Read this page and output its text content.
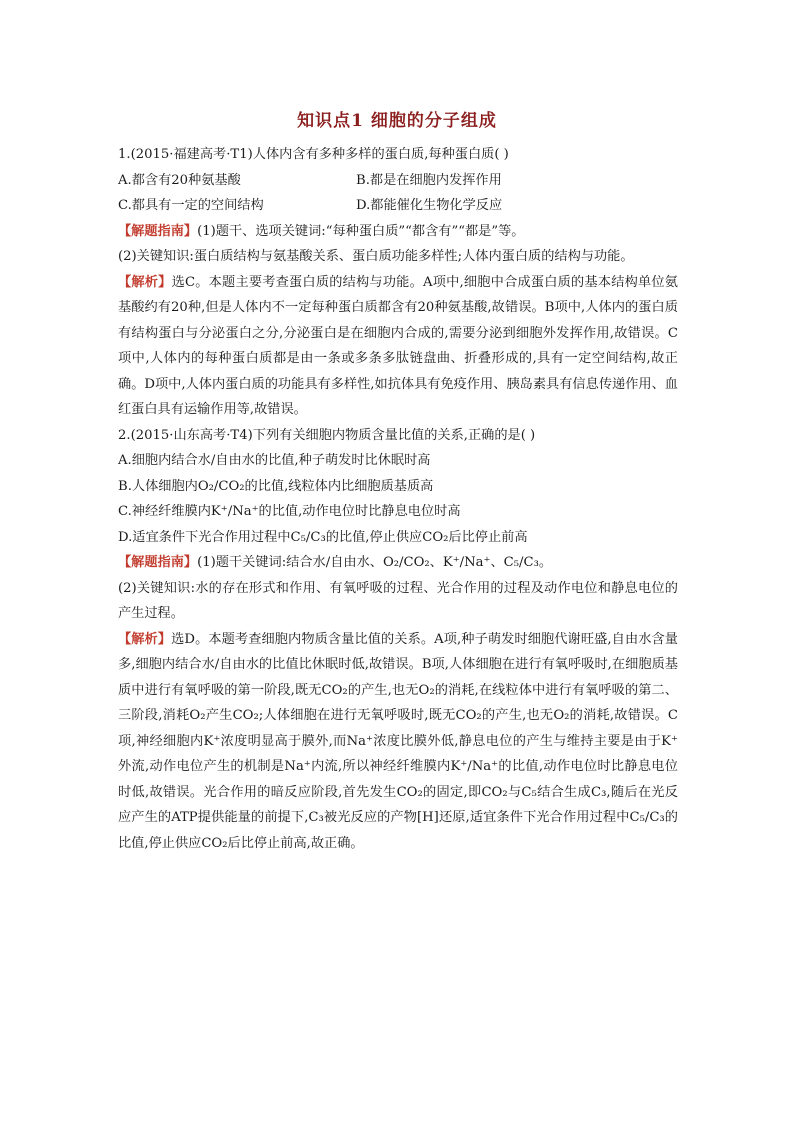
知识点1 细胞的分子组成
1.(2015·福建高考·T1)人体内含有多种多样的蛋白质,每种蛋白质( )
A.都含有20种氨基酸	B.都是在细胞内发挥作用
C.都具有一定的空间结构	D.都能催化生物化学反应
【解题指南】(1)题干、选项关键词:“每种蛋白质”“都含有”“都是”等。
(2)关键知识:蛋白质结构与氨基酸关系、蛋白质功能多样性;人体内蛋白质的结构与功能。

【解析】选C。本题主要考查蛋白质的结构与功能。A项中,细胞中合成蛋白质的基本结构单位氨基酸约有20种,但是人体内不一定每种蛋白质都含有20种氨基酸,故错误。B项中,人体内的蛋白质有结构蛋白与分泌蛋白之分,分泌蛋白是在细胞内合成的,需要分泌到细胞外发挥作用,故错误。C项中,人体内的每种蛋白质都是由一条或多条多肽链盘曲、折叠形成的,具有一定空间结构,故正确。D项中,人体内蛋白质的功能具有多样性,如抗体具有免疫作用、胰岛素具有信息传递作用、血红蛋白具有运输作用等,故错误。

2.(2015·山东高考·T4)下列有关细胞内物质含量比值的关系,正确的是( )
A.细胞内结合水/自由水的比值,种子萌发时比休眠时高
B.人体细胞内O₂/CO₂的比值,线粒体内比细胞质基质高
C.神经纤维膜内K⁺/Na⁺的比值,动作电位时比静息电位时高
D.适宜条件下光合作用过程中C₅/C₃的比值,停止供应CO₂后比停止前高
【解题指南】(1)题干关键词:结合水/自由水、O₂/CO₂、K⁺/Na⁺、C₅/C₃。

(2)关键知识:水的存在形式和作用、有氧呼吸的过程、光合作用的过程及动作电位和静息电位的产生过程。

【解析】选D。本题考查细胞内物质含量比值的关系。A项,种子萌发时细胞代谢旺盛,自由水含量多,细胞内结合水/自由水的比值比休眠时低,故错误。B项,人体细胞在进行有氧呼吸时,在细胞质基质中进行有氧呼吸的第一阶段,既无CO₂的产生,也无O₂的消耗,在线粒体中进行有氧呼吸的第二、三阶段,消耗O₂产生CO₂;人体细胞在进行无氧呼吸时,既无CO₂的产生,也无O₂的消耗,故错误。C项,神经细胞内K⁺浓度明显高于膜外,而Na⁺浓度比膜外低,静息电位的产生与维持主要是由于K⁺外流,动作电位产生的机制是Na⁺内流,所以神经纤维膜内K⁺/Na⁺的比值,动作电位时比静息电位时低,故错误。光合作用的暗反应阶段,首先发生CO₂的固定,即CO₂与C₅结合生成C₃,随后在光反应产生的ATP提供能量的前提下,C₃被光反应的产物[H]还原,适宜条件下光合作用过程中C₅/C₃的比值,停止供应CO₂后比停止前高,故正确。
